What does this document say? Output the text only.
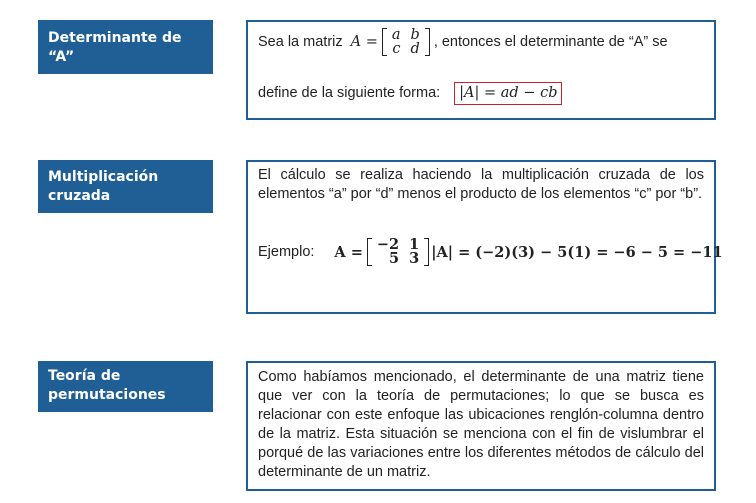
Determinante de “A”
Sea la matriz A = a	b
c	d , entonces el determinante de “A” se
define de la siguiente forma:	|A| = ad − cb
Multiplicación cruzada
El cálculo se realiza haciendo la multiplicación cruzada de los elementos “a” por “d” menos el producto de los elementos “c” por “b”.
Ejemplo: A = −2	1
5	3 |A| = (−2)(3) − 5(1) = −6 − 5 = −11
Teoría de permutaciones
Como habíamos mencionado, el determinante de una matriz tiene que ver con la teoría de permutaciones; lo que se busca es relacionar con este enfoque las ubicaciones renglón-columna dentro de la matriz. Esta situación se menciona con el fin de vislumbrar el porqué de las variaciones entre los diferentes métodos de cálculo del determinante de un matriz.
